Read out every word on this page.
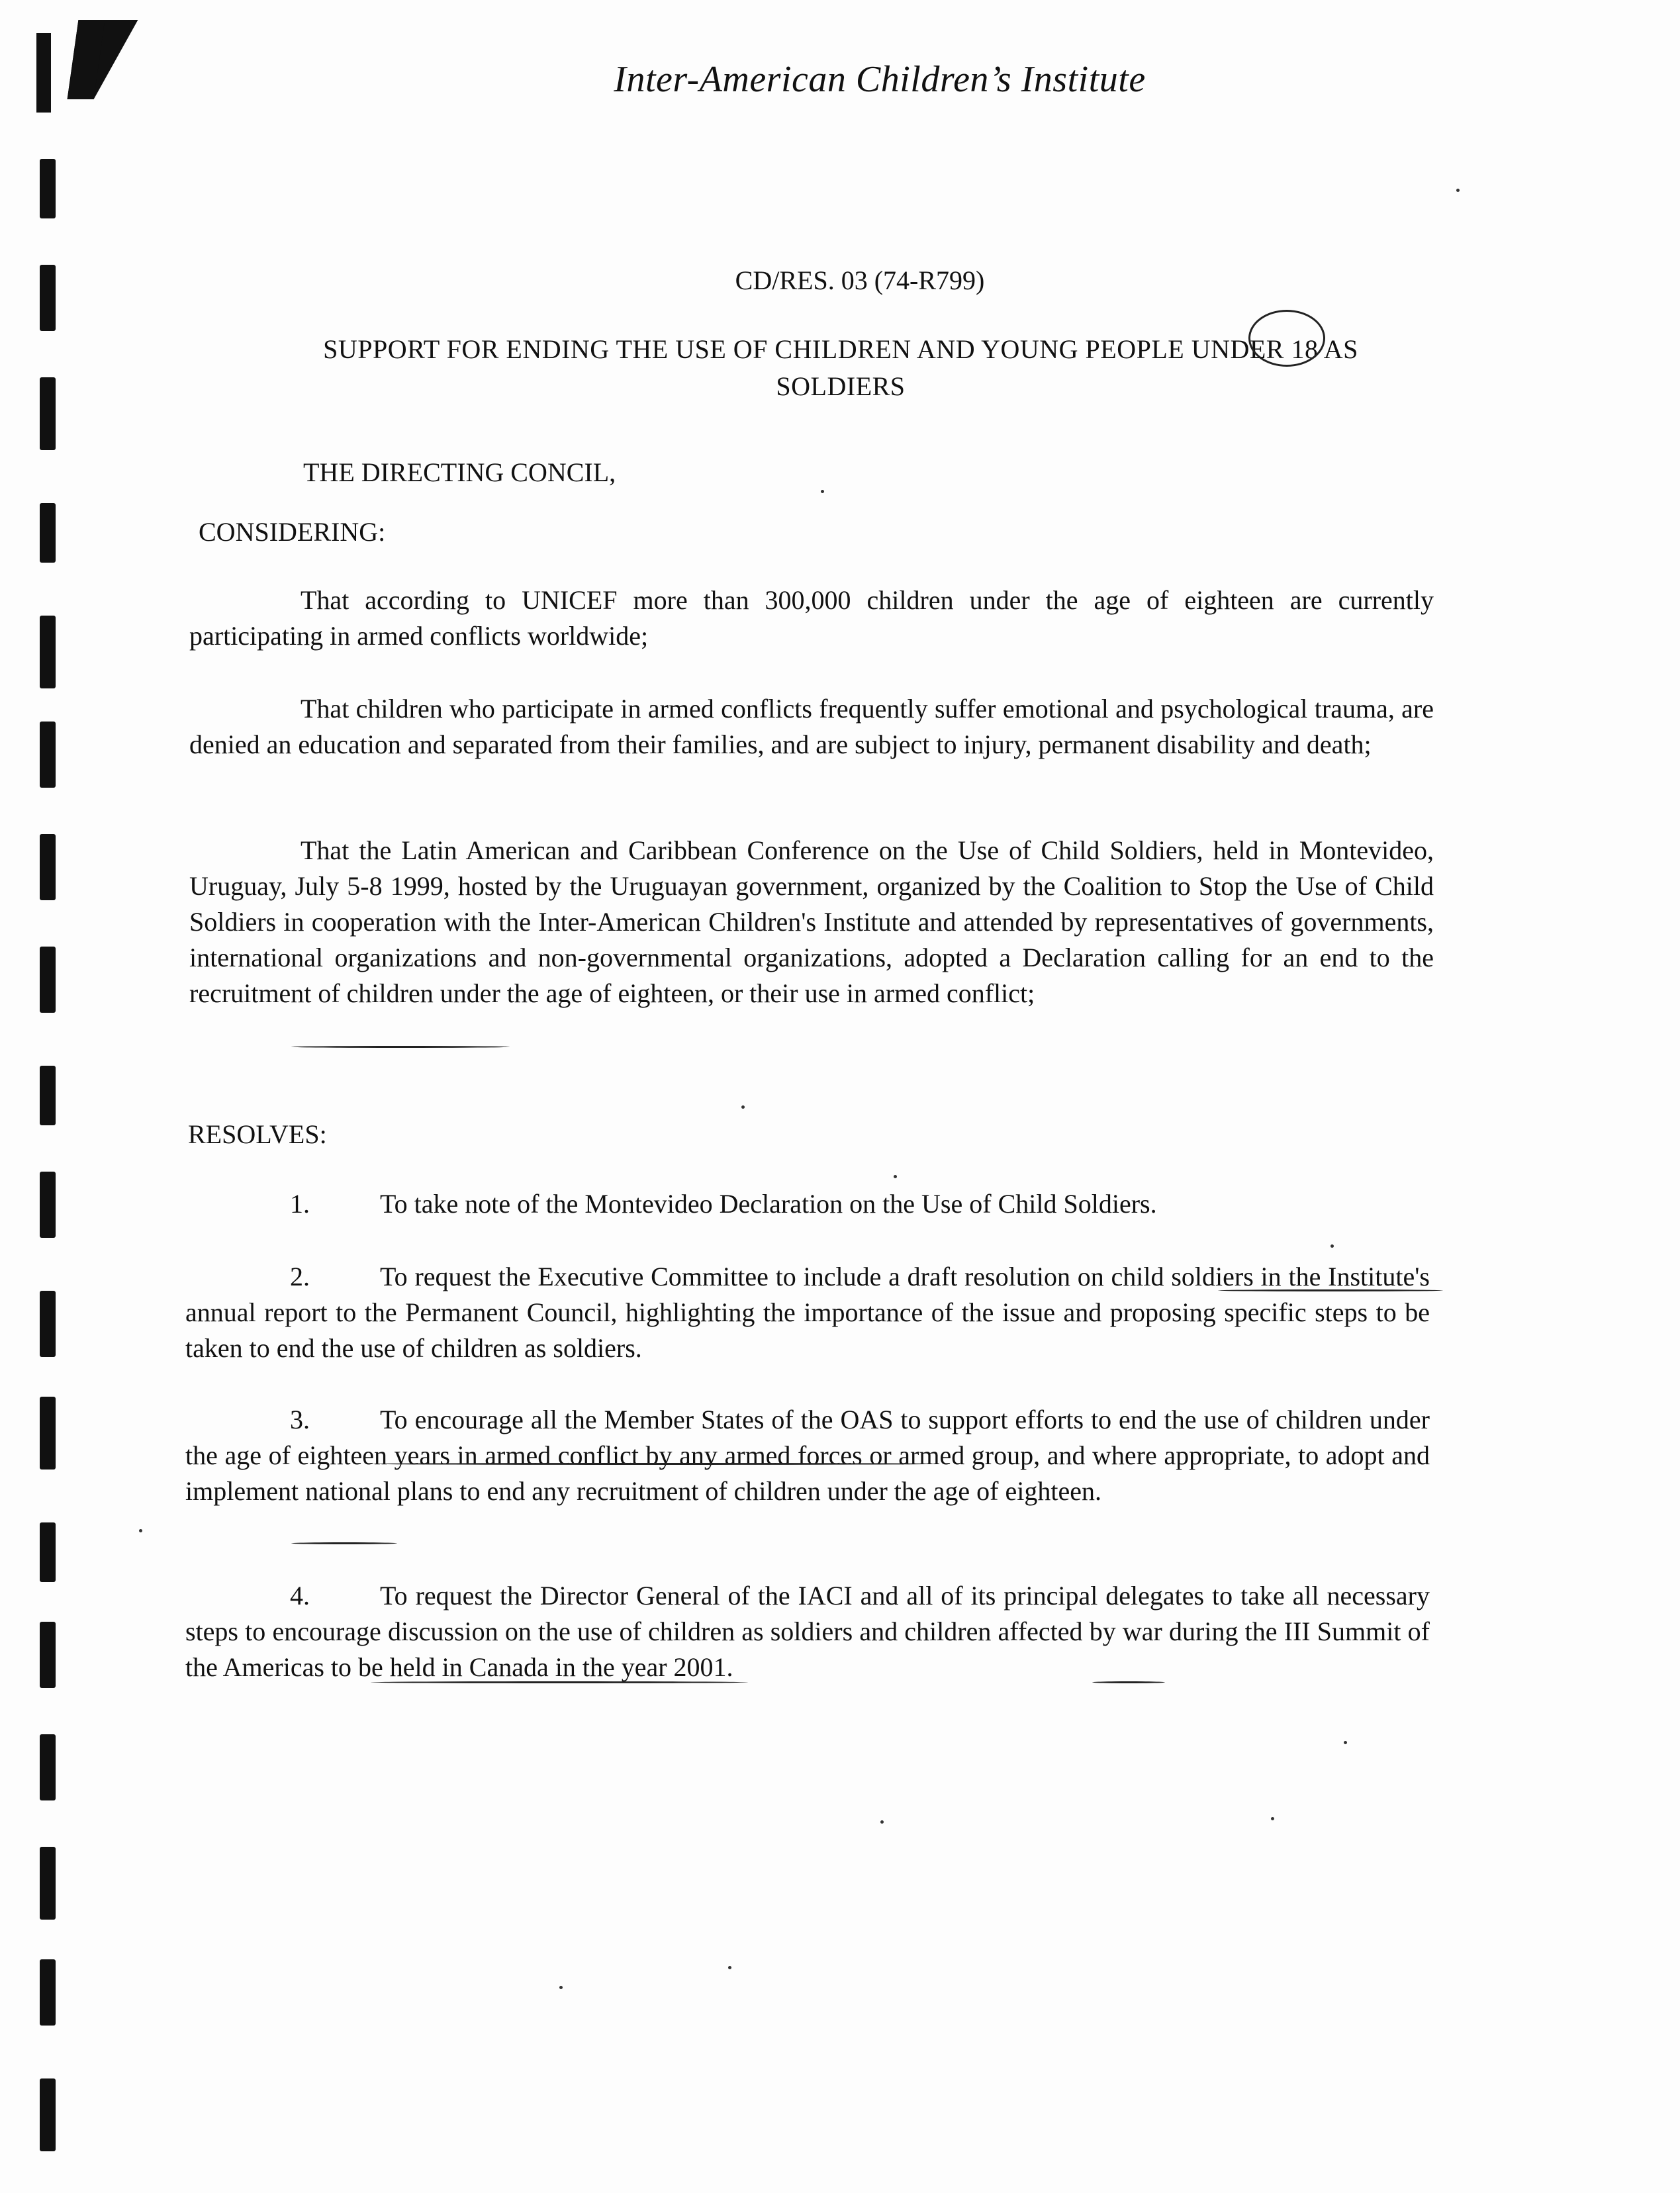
Inter-American Children’s Institute
CD/RES. 03 (74-R799)
SUPPORT FOR ENDING THE USE OF CHILDREN AND YOUNG PEOPLE UNDER 18 AS
SOLDIERS
THE DIRECTING CONCIL,
CONSIDERING:
That according to UNICEF more than 300,000 children under the age of eighteen are currently participating in armed conflicts worldwide;
That children who participate in armed conflicts frequently suffer emotional and psychological trauma, are denied an education and separated from their families, and are subject to injury, permanent disability and death;
That the Latin American and Caribbean Conference on the Use of Child Soldiers, held in Montevideo, Uruguay, July 5-8 1999, hosted by the Uruguayan government, organized by the Coalition to Stop the Use of Child Soldiers in cooperation with the Inter-American Children's Institute and attended by representatives of governments, international organizations and non-governmental organizations, adopted a Declaration calling for an end to the recruitment of children under the age of eighteen, or their use in armed conflict;
RESOLVES:
1.	To take note of the Montevideo Declaration on the Use of Child Soldiers.
2.	To request the Executive Committee to include a draft resolution on child soldiers in the Institute's annual report to the Permanent Council, highlighting the importance of the issue and proposing specific steps to be taken to end the use of children as soldiers.
3.	To encourage all the Member States of the OAS to support efforts to end the use of children under the age of eighteen years in armed conflict by any armed forces or armed group, and where appropriate, to adopt and implement national plans to end any recruitment of children under the age of eighteen.
4.	To request the Director General of the IACI and all of its principal delegates to take all necessary steps to encourage discussion on the use of children as soldiers and children affected by war during the III Summit of the Americas to be held in Canada in the year 2001.
